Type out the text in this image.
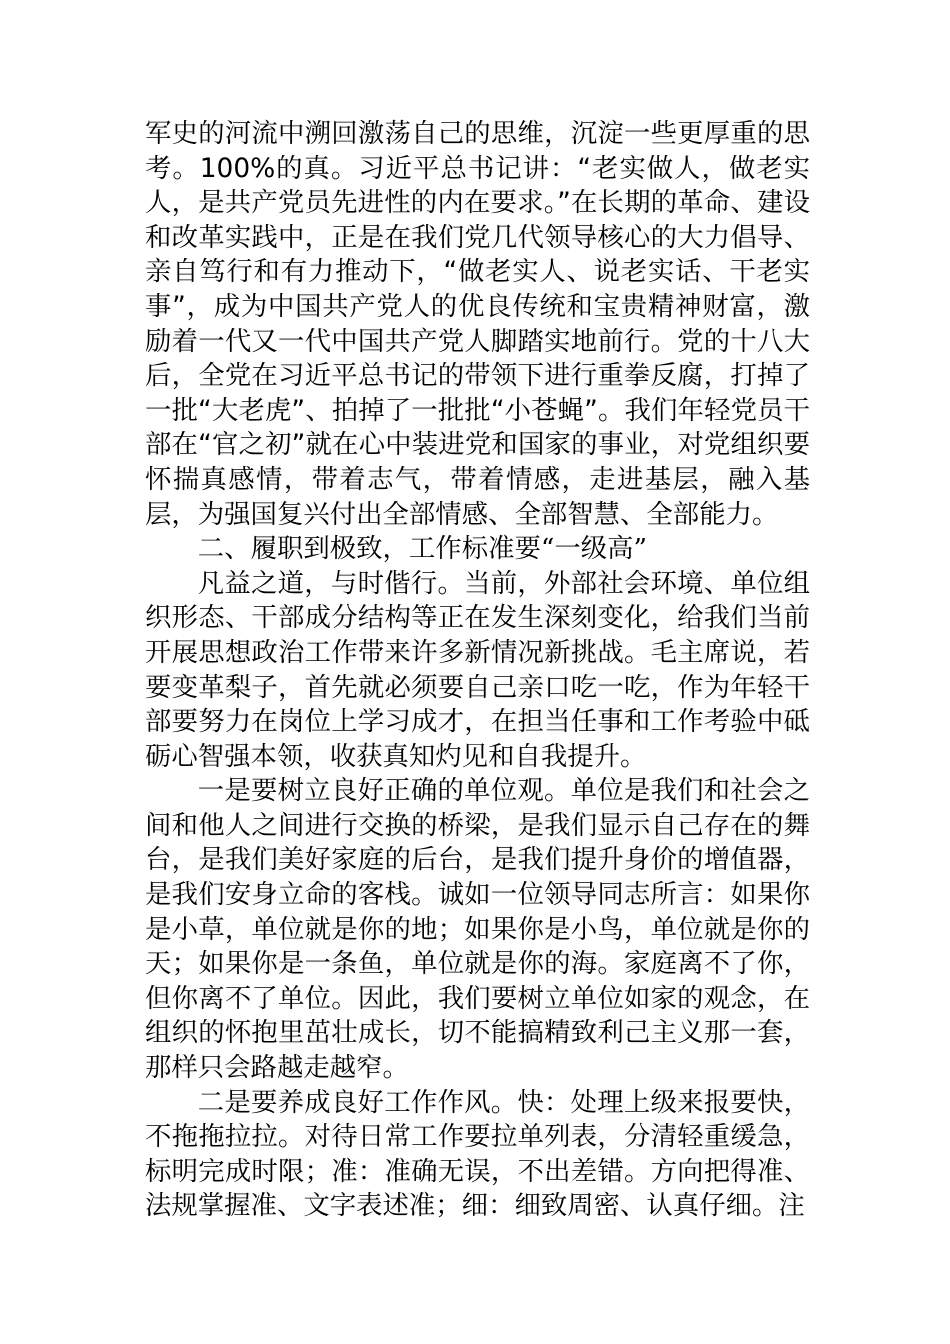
军史的河流中溯回激荡自己的思维，沉淀一些更厚重的思考。100%的真。习近平总书记讲：“老实做人，做老实人，是共产党员先进性的内在要求。”在长期的革命、建设和改革实践中，正是在我们党几代领导核心的大力倡导、亲自笃行和有力推动下，“做老实人、说老实话、干老实事”，成为中国共产党人的优良传统和宝贵精神财富，激励着一代又一代中国共产党人脚踏实地前行。党的十八大后，全党在习近平总书记的带领下进行重拳反腐，打掉了一批“大老虎”、拍掉了一批批“小苍蝇”。我们年轻党员干部在“官之初”就在心中装进党和国家的事业，对党组织要怀揣真感情，带着志气，带着情感，走进基层，融入基层，为强国复兴付出全部情感、全部智慧、全部能力。

二、履职到极致，工作标准要“一级高”

凡益之道，与时偕行。当前，外部社会环境、单位组织形态、干部成分结构等正在发生深刻变化，给我们当前开展思想政治工作带来许多新情况新挑战。毛主席说，若要变革梨子，首先就必须要自己亲口吃一吃，作为年轻干部要努力在岗位上学习成才，在担当任事和工作考验中砥砺心智强本领，收获真知灼见和自我提升。

一是要树立良好正确的单位观。单位是我们和社会之间和他人之间进行交换的桥梁，是我们显示自己存在的舞台，是我们美好家庭的后台，是我们提升身价的增值器，是我们安身立命的客栈。诚如一位领导同志所言：如果你是小草，单位就是你的地；如果你是小鸟，单位就是你的天；如果你是一条鱼，单位就是你的海。家庭离不了你，但你离不了单位。因此，我们要树立单位如家的观念，在组织的怀抱里茁壮成长，切不能搞精致利己主义那一套，那样只会路越走越窄。

二是要养成良好工作作风。快：处理上级来报要快，不拖拖拉拉。对待日常工作要拉单列表，分清轻重缓急，标明完成时限；准：准确无误，不出差错。方向把得准、法规掌握准、文字表述准；细：细致周密、认真仔细。注
